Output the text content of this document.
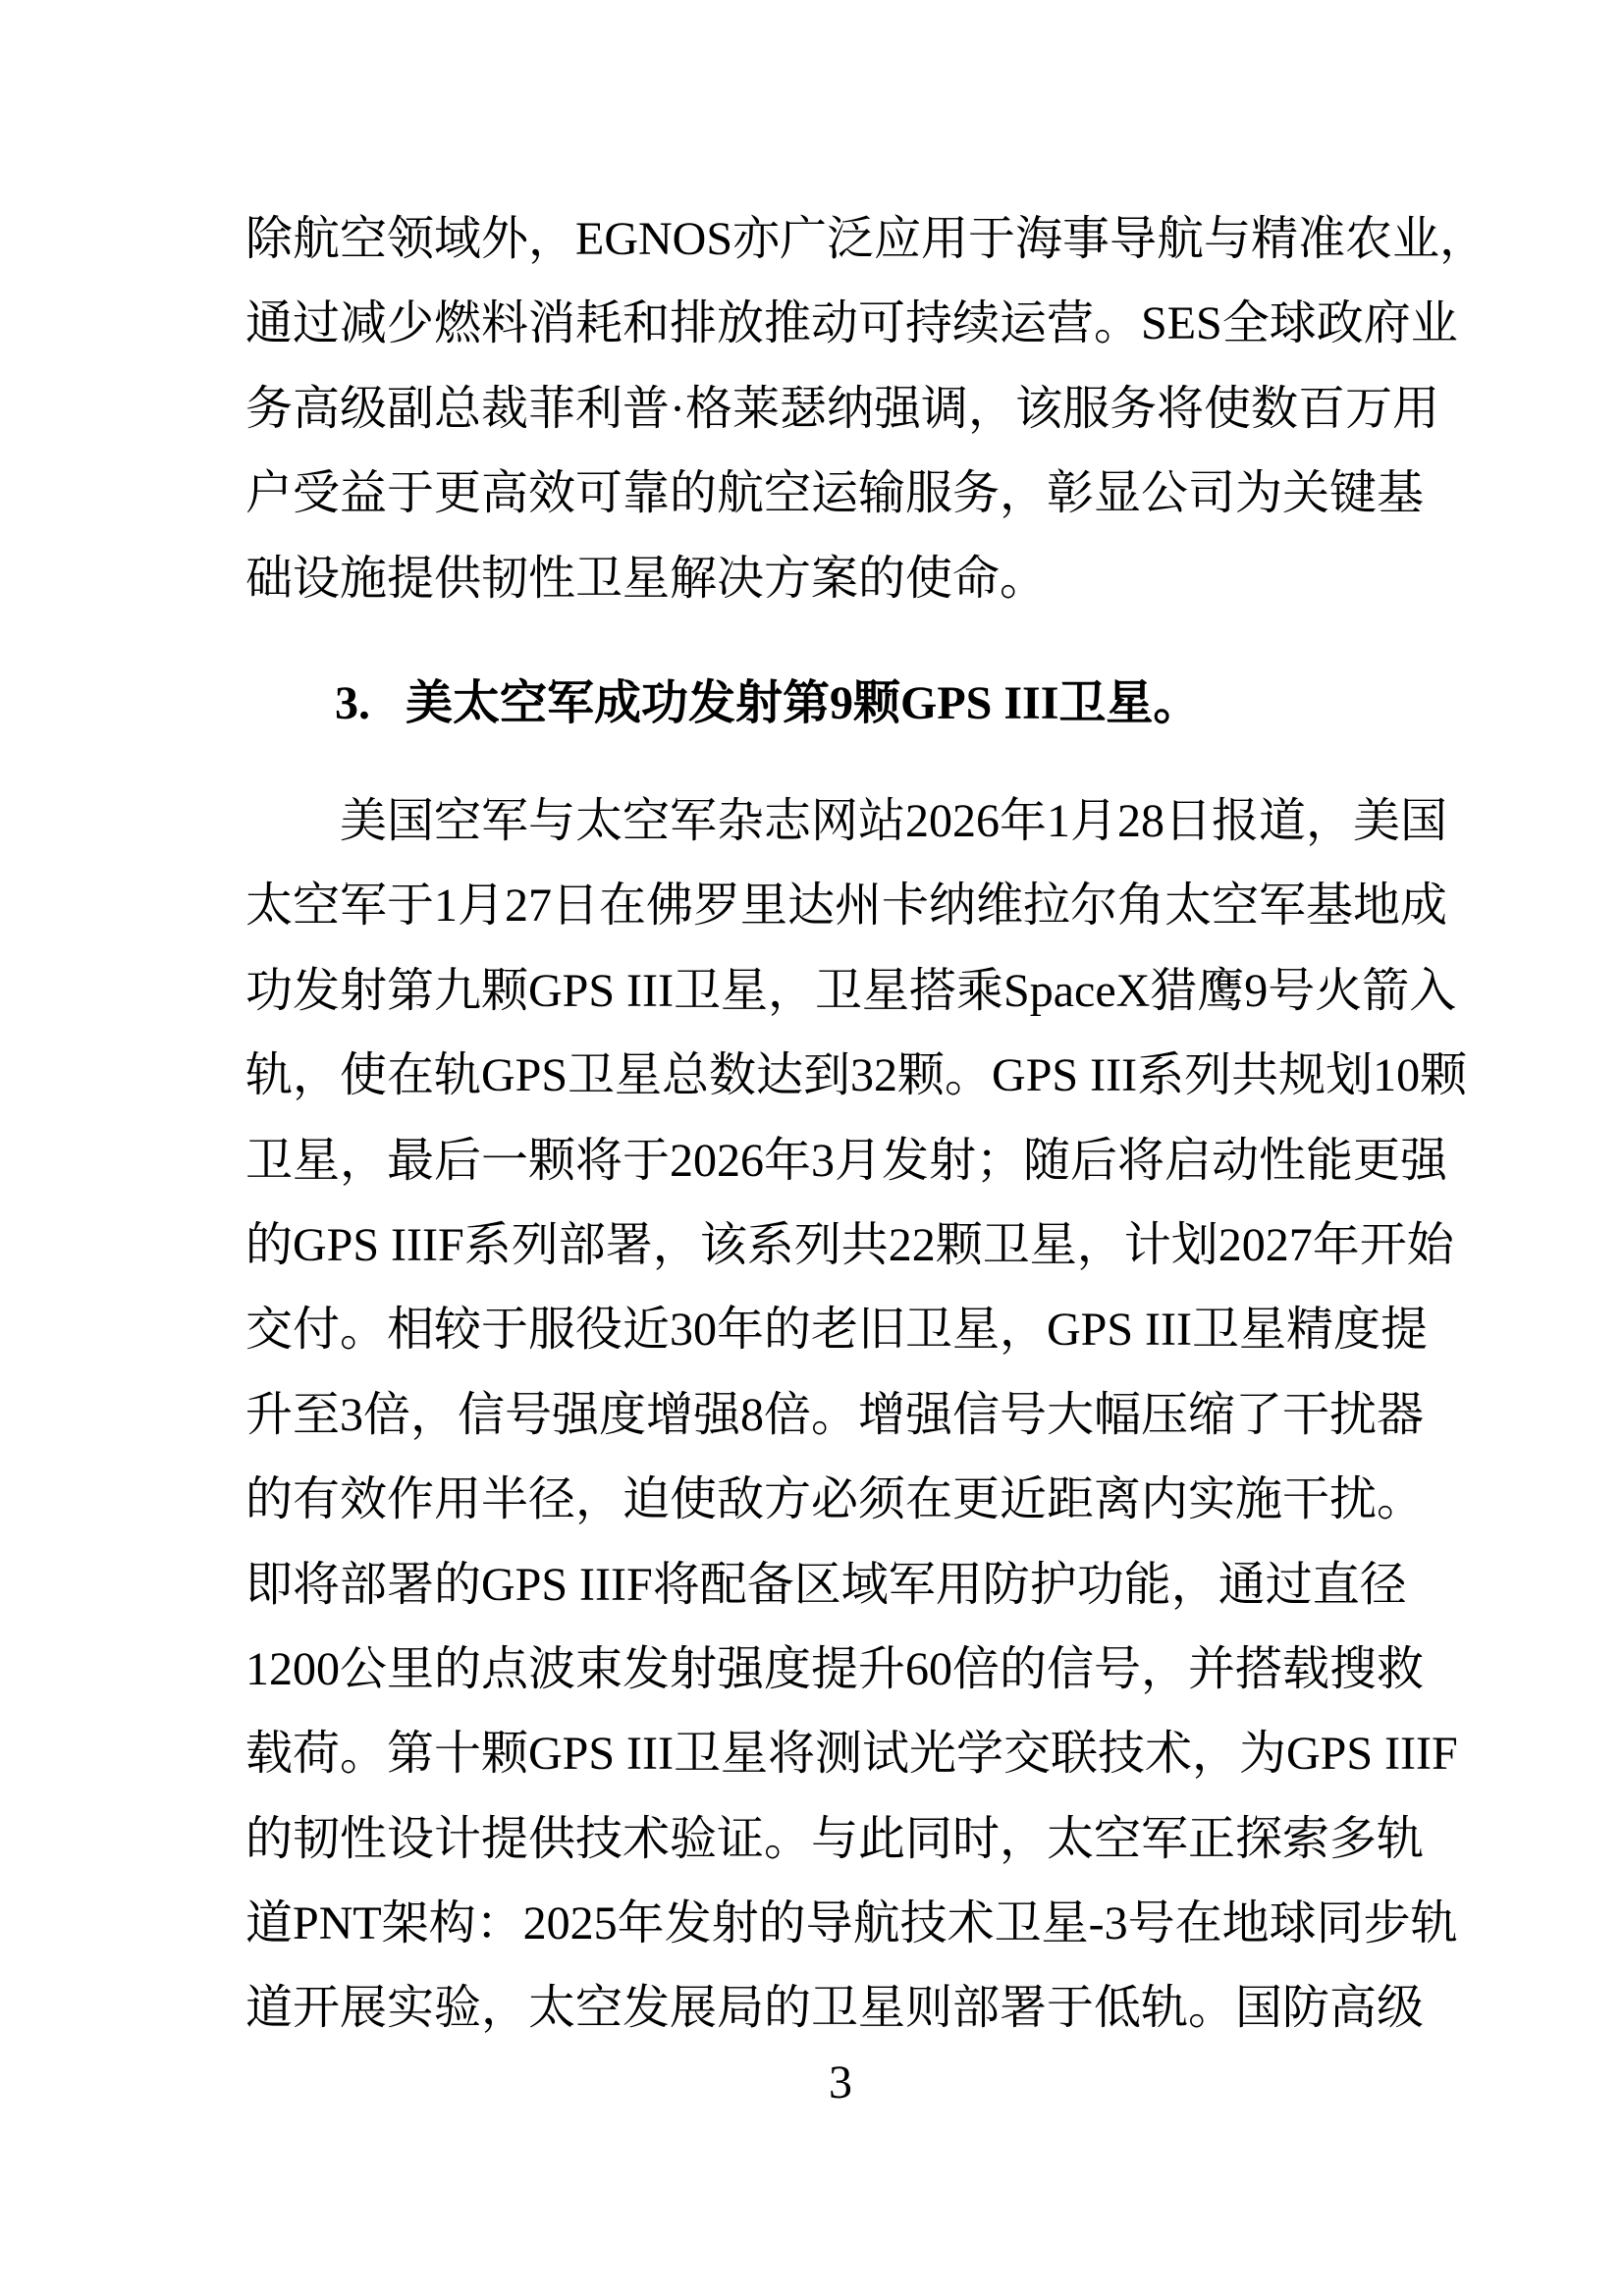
除航空领域外，EGNOS亦广泛应用于海事导航与精准农业，
通过减少燃料消耗和排放推动可持续运营。SES全球政府业
务高级副总裁菲利普·格莱瑟纳强调，该服务将使数百万用
户受益于更高效可靠的航空运输服务，彰显公司为关键基
础设施提供韧性卫星解决方案的使命。
3. 美太空军成功发射第9颗GPS III卫星。
美国空军与太空军杂志网站2026年1月28日报道，美国
太空军于1月27日在佛罗里达州卡纳维拉尔角太空军基地成
功发射第九颗GPS III卫星，卫星搭乘SpaceX猎鹰9号火箭入
轨，使在轨GPS卫星总数达到32颗。GPS III系列共规划10颗
卫星，最后一颗将于2026年3月发射；随后将启动性能更强
的GPS IIIF系列部署，该系列共22颗卫星，计划2027年开始
交付。相较于服役近30年的老旧卫星，GPS III卫星精度提
升至3倍，信号强度增强8倍。增强信号大幅压缩了干扰器
的有效作用半径，迫使敌方必须在更近距离内实施干扰。
即将部署的GPS IIIF将配备区域军用防护功能，通过直径
1200公里的点波束发射强度提升60倍的信号，并搭载搜救
载荷。第十颗GPS III卫星将测试光学交联技术，为GPS IIIF
的韧性设计提供技术验证。与此同时，太空军正探索多轨
道PNT架构：2025年发射的导航技术卫星-3号在地球同步轨
道开展实验，太空发展局的卫星则部署于低轨。国防高级
3
